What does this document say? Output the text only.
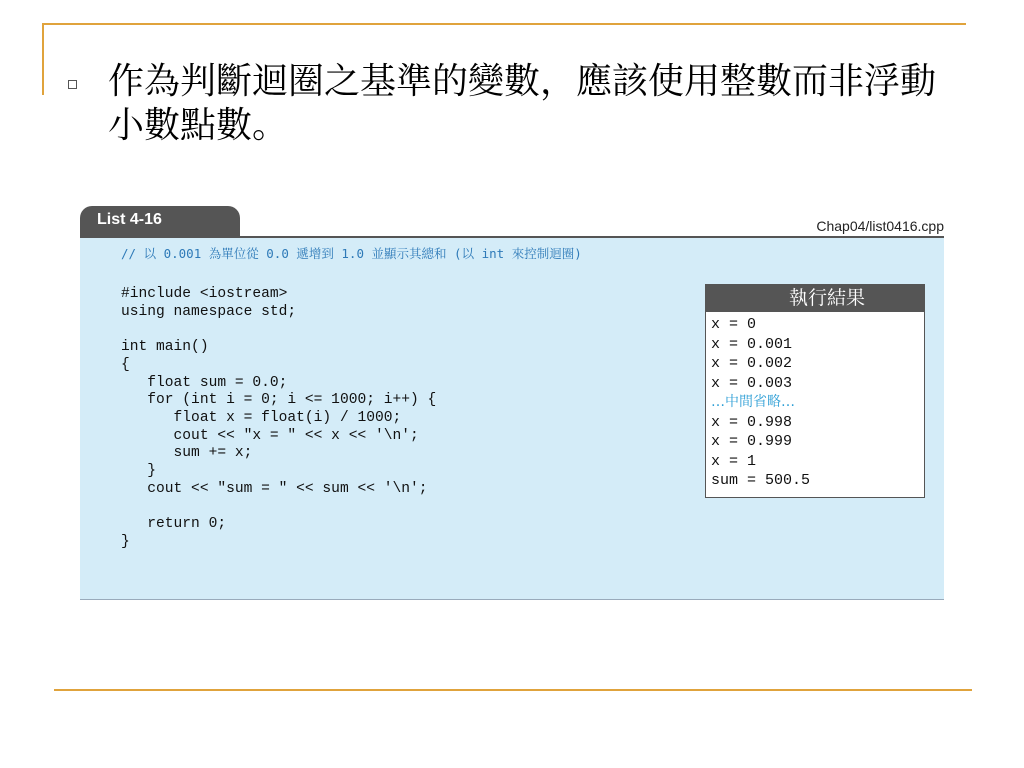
作為判斷迴圈之基準的變數，應該使用整數而非浮動小數點數。
List 4-16	Chap04/list0416.cpp
// 以 0.001 為單位從 0.0 遞增到 1.0 並顯示其總和 (以 int 來控制迴圈)
#include <iostream>
using namespace std;

int main()
{
float sum = 0.0;
for (int i = 0; i <= 1000; i++) {
float x = float(i) / 1000;
cout << "x = " << x << '\n';
sum += x;
}
cout << "sum = " << sum << '\n';

return 0;
}
執行結果
x = 0
x = 0.001
x = 0.002
x = 0.003
…中間省略…
x = 0.998
x = 0.999
x = 1
sum = 500.5
